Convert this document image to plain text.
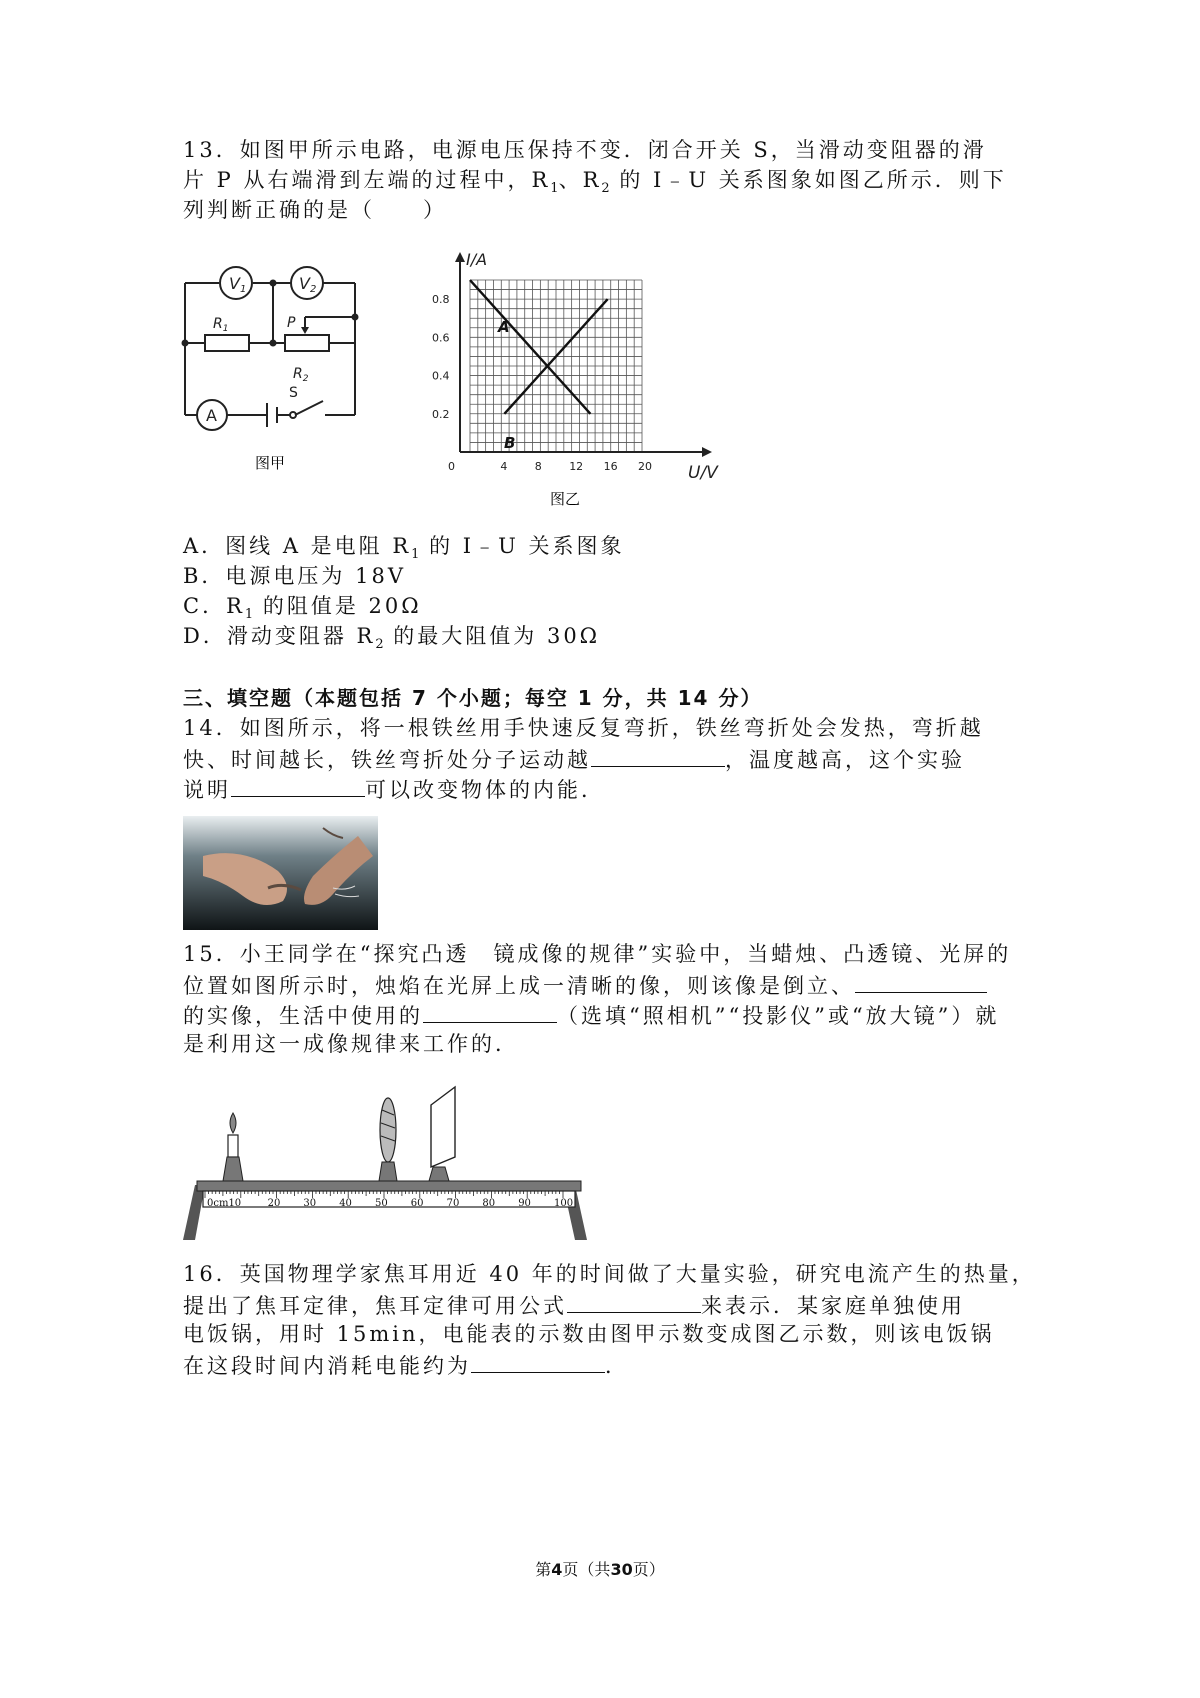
13．如图甲所示电路，电源电压保持不变．闭合开关 S，当滑动变阻器的滑
片 P 从右端滑到左端的过程中，$R_1$、$R_2$ 的 I﹣U 关系图象如图乙所示．则下
列判断正确的是（　　）
V1	V2
$R_1$
$R_2$
P
S
A
图甲	0	4 8 12 16 20
0.2
0.4
0.6
0.8
I/A
U/V
A
B
图乙
A．图线 A 是电阻 $R_1$ 的 I﹣U 关系图象
B．电源电压为 18V
C．$R_1$ 的阻值是 20Ω
D．滑动变阻器 $R_2$ 的最大阻值为 30Ω
三、填空题（本题包括 7 个小题；每空 1 分，共 14 分）
14．如图所示，将一根铁丝用手快速反复弯折，铁丝弯折处会发热，弯折越
快、时间越长，铁丝弯折处分子运动越	，温度越高，这个实验
说明	可以改变物体的内能．
15．小王同学在“探究凸透　镜成像的规律”实验中，当蜡烛、凸透镜、光屏的
位置如图所示时，烛焰在光屏上成一清晰的像，则该像是倒立、
的实像，生活中使用的	（选填“照相机”“投影仪”或“放大镜”）就
是利用这一成像规律来工作的．
0cm10	20 30 40 50 60 70 80 90 100
16．英国物理学家焦耳用近 40 年的时间做了大量实验，研究电流产生的热量，
提出了焦耳定律，焦耳定律可用公式	来表示．某家庭单独使用
电饭锅，用时 15min，电能表的示数由图甲示数变成图乙示数，则该电饭锅
在这段时间内消耗电能约为	．
第4页（共30页）
